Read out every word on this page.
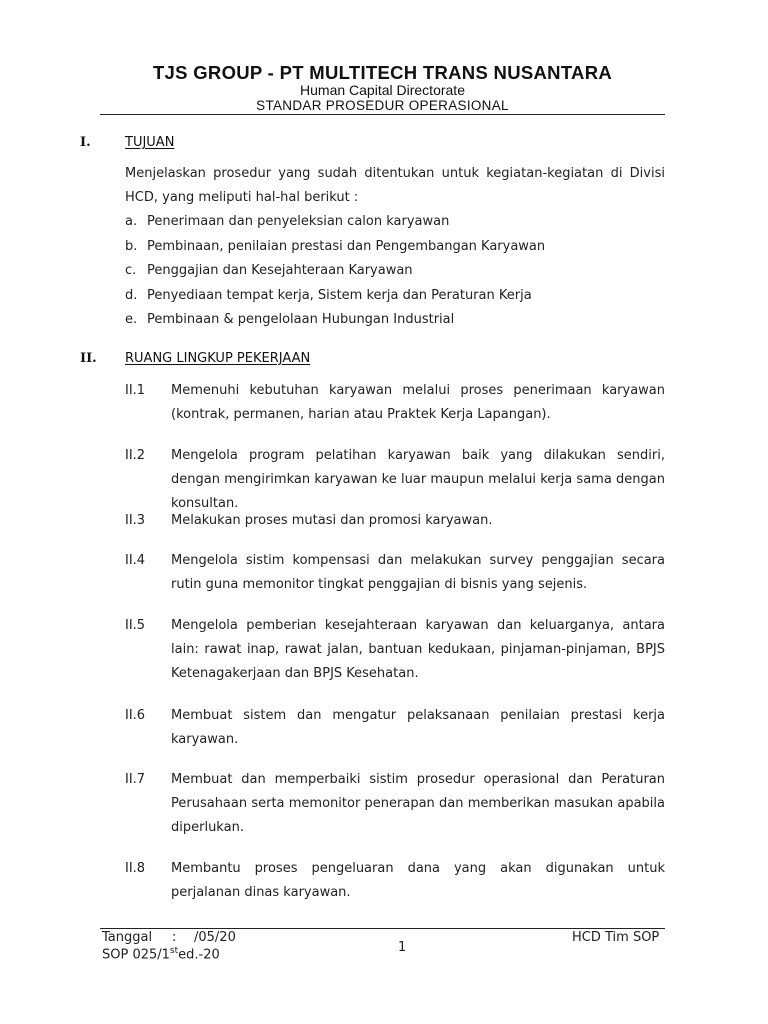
TJS GROUP - PT MULTITECH TRANS NUSANTARA
Human Capital Directorate
STANDAR PROSEDUR OPERASIONAL
I.	TUJUAN
Menjelaskan prosedur yang sudah ditentukan untuk kegiatan-kegiatan di Divisi HCD, yang meliputi hal-hal berikut :
a. Penerimaan dan penyeleksian calon karyawan
b. Pembinaan, penilaian prestasi dan Pengembangan Karyawan
c. Penggajian dan Kesejahteraan Karyawan
d. Penyediaan tempat kerja, Sistem kerja dan Peraturan Kerja
e. Pembinaan & pengelolaan Hubungan Industrial
II. RUANG LINGKUP PEKERJAAN
II.1	Memenuhi kebutuhan karyawan melalui proses penerimaan karyawan (kontrak, permanen, harian atau Praktek Kerja Lapangan).
II.2	Mengelola program pelatihan karyawan baik yang dilakukan sendiri, dengan mengirimkan karyawan ke luar maupun melalui kerja sama dengan konsultan.
II.3	Melakukan proses mutasi dan promosi karyawan.
II.4	Mengelola sistim kompensasi dan melakukan survey penggajian secara rutin guna memonitor tingkat penggajian di bisnis yang sejenis.
II.5	Mengelola pemberian kesejahteraan karyawan dan keluarganya, antara lain: rawat inap, rawat jalan, bantuan kedukaan, pinjaman-pinjaman, BPJS Ketenagakerjaan dan BPJS Kesehatan.
II.6	Membuat sistem dan mengatur pelaksanaan penilaian prestasi kerja karyawan.
II.7	Membuat dan memperbaiki sistim prosedur operasional dan Peraturan Perusahaan serta memonitor penerapan dan memberikan masukan apabila diperlukan.
II.8	Membantu proses pengeluaran dana yang akan digunakan untuk perjalanan dinas karyawan.
Tanggal : /05/20
SOP 025/1sted.-20	1
HCD Tim SOP
